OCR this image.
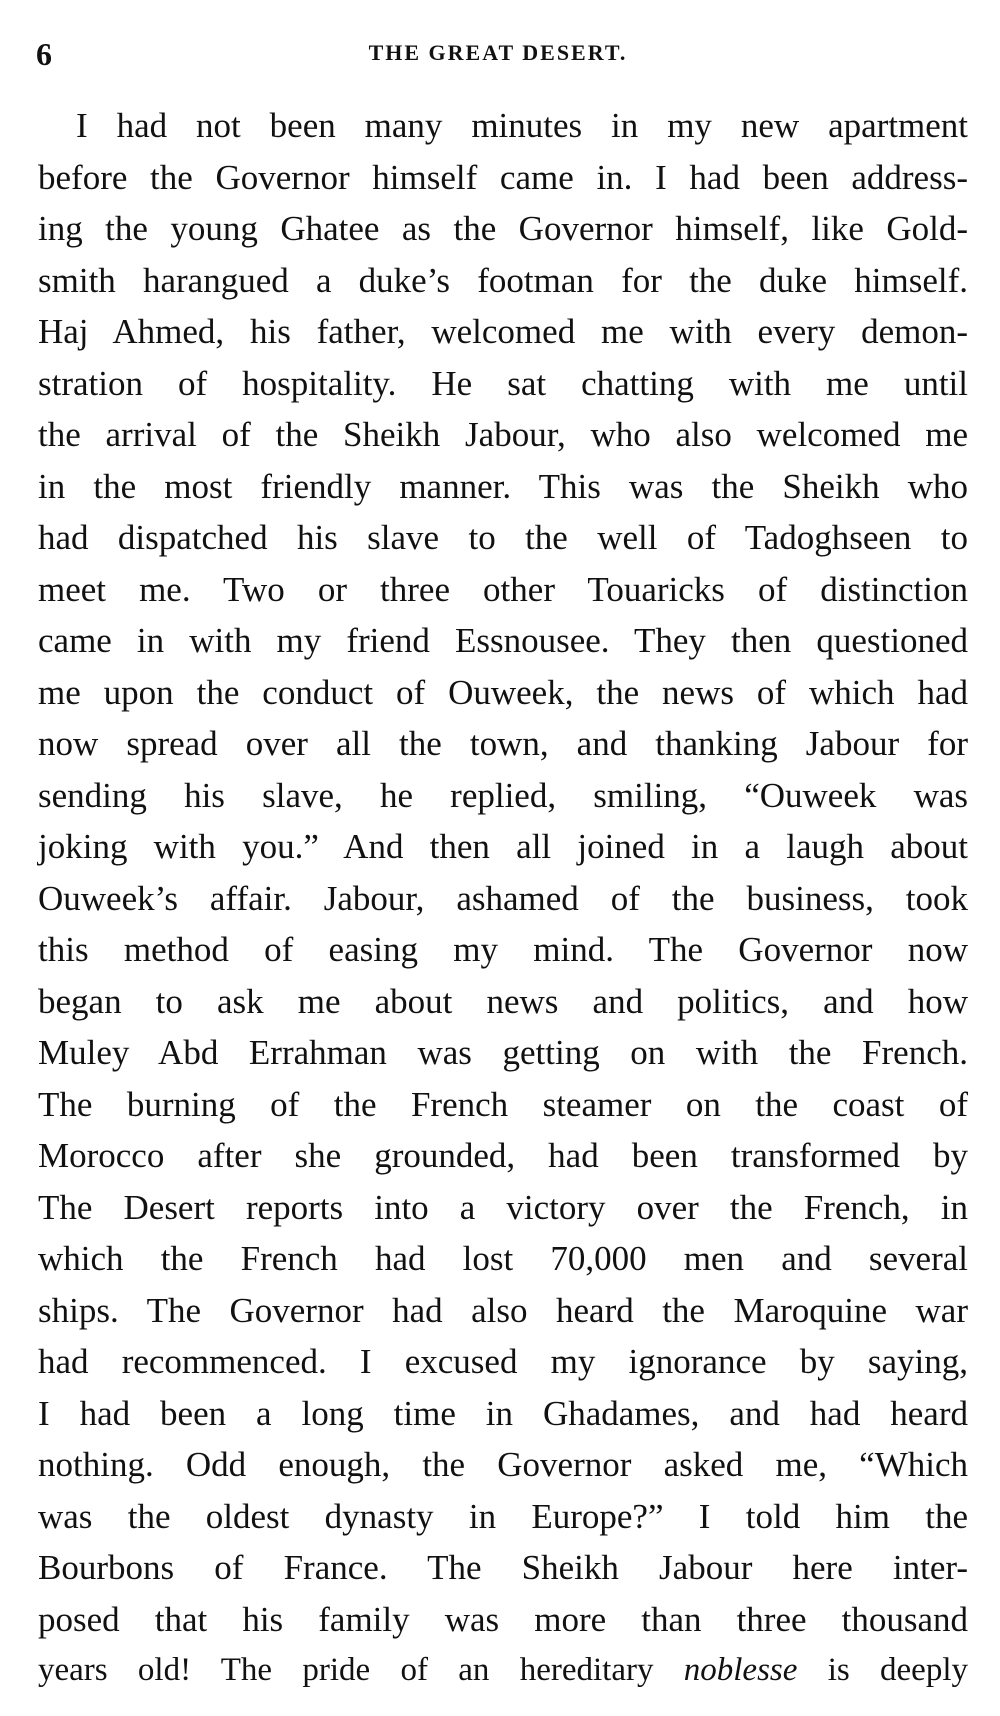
6	THE GREAT DESERT.
I had not been many minutes in my new apartment
before the Governor himself came in. I had been address-
ing the young Ghatee as the Governor himself, like Gold-
smith harangued a duke’s footman for the duke himself.
Haj Ahmed, his father, welcomed me with every demon-
stration of hospitality. He sat chatting with me until
the arrival of the Sheikh Jabour, who also welcomed me
in the most friendly manner. This was the Sheikh who
had dispatched his slave to the well of Tadoghseen to
meet me. Two or three other Touaricks of distinction
came in with my friend Essnousee. They then questioned
me upon the conduct of Ouweek, the news of which had
now spread over all the town, and thanking Jabour for
sending his slave, he replied, smiling, “Ouweek was
joking with you.” And then all joined in a laugh about
Ouweek’s affair. Jabour, ashamed of the business, took
this method of easing my mind. The Governor now
began to ask me about news and politics, and how
Muley Abd Errahman was getting on with the French.
The burning of the French steamer on the coast of
Morocco after she grounded, had been transformed by
The Desert reports into a victory over the French, in
which the French had lost 70,000 men and several
ships. The Governor had also heard the Maroquine war
had recommenced. I excused my ignorance by saying,
I had been a long time in Ghadames, and had heard
nothing. Odd enough, the Governor asked me, “Which
was the oldest dynasty in Europe?” I told him the
Bourbons of France. The Sheikh Jabour here inter-
posed that his family was more than three thousand
years old! The pride of an hereditary noblesse is deeply
